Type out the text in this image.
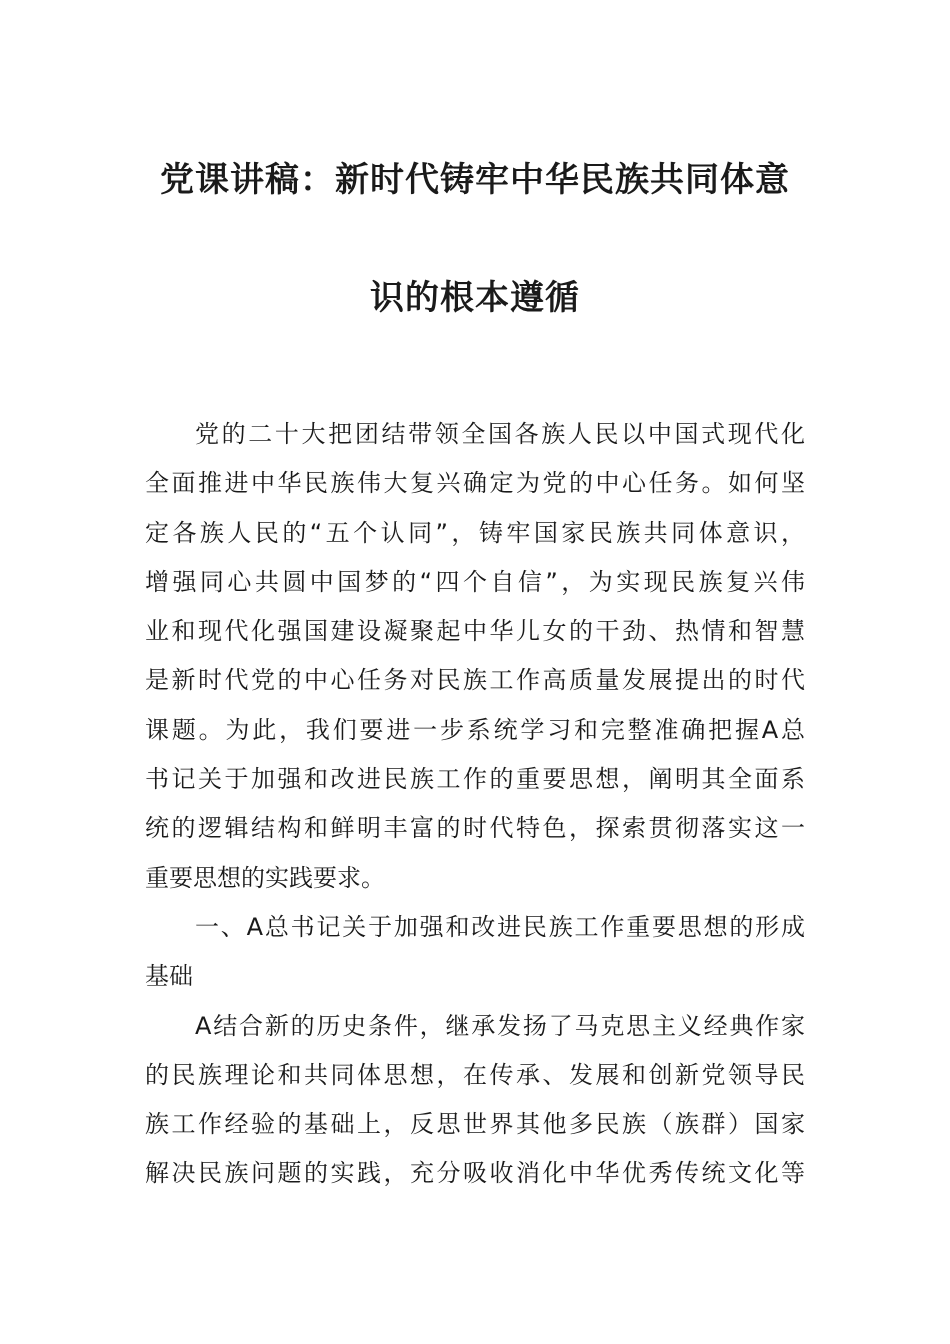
党课讲稿：新时代铸牢中华民族共同体意
识的根本遵循
党的二十大把团结带领全国各族人民以中国式现代化
全面推进中华民族伟大复兴确定为党的中心任务。如何坚
定各族人民的“五个认同”，铸牢国家民族共同体意识，
增强同心共圆中国梦的“四个自信”，为实现民族复兴伟
业和现代化强国建设凝聚起中华儿女的干劲、热情和智慧
是新时代党的中心任务对民族工作高质量发展提出的时代
课题。为此，我们要进一步系统学习和完整准确把握A总
书记关于加强和改进民族工作的重要思想，阐明其全面系
统的逻辑结构和鲜明丰富的时代特色，探索贯彻落实这一
重要思想的实践要求。
一、A总书记关于加强和改进民族工作重要思想的形成
基础
A结合新的历史条件，继承发扬了马克思主义经典作家
的民族理论和共同体思想，在传承、发展和创新党领导民
族工作经验的基础上，反思世界其他多民族（族群）国家
解决民族问题的实践，充分吸收消化中华优秀传统文化等
